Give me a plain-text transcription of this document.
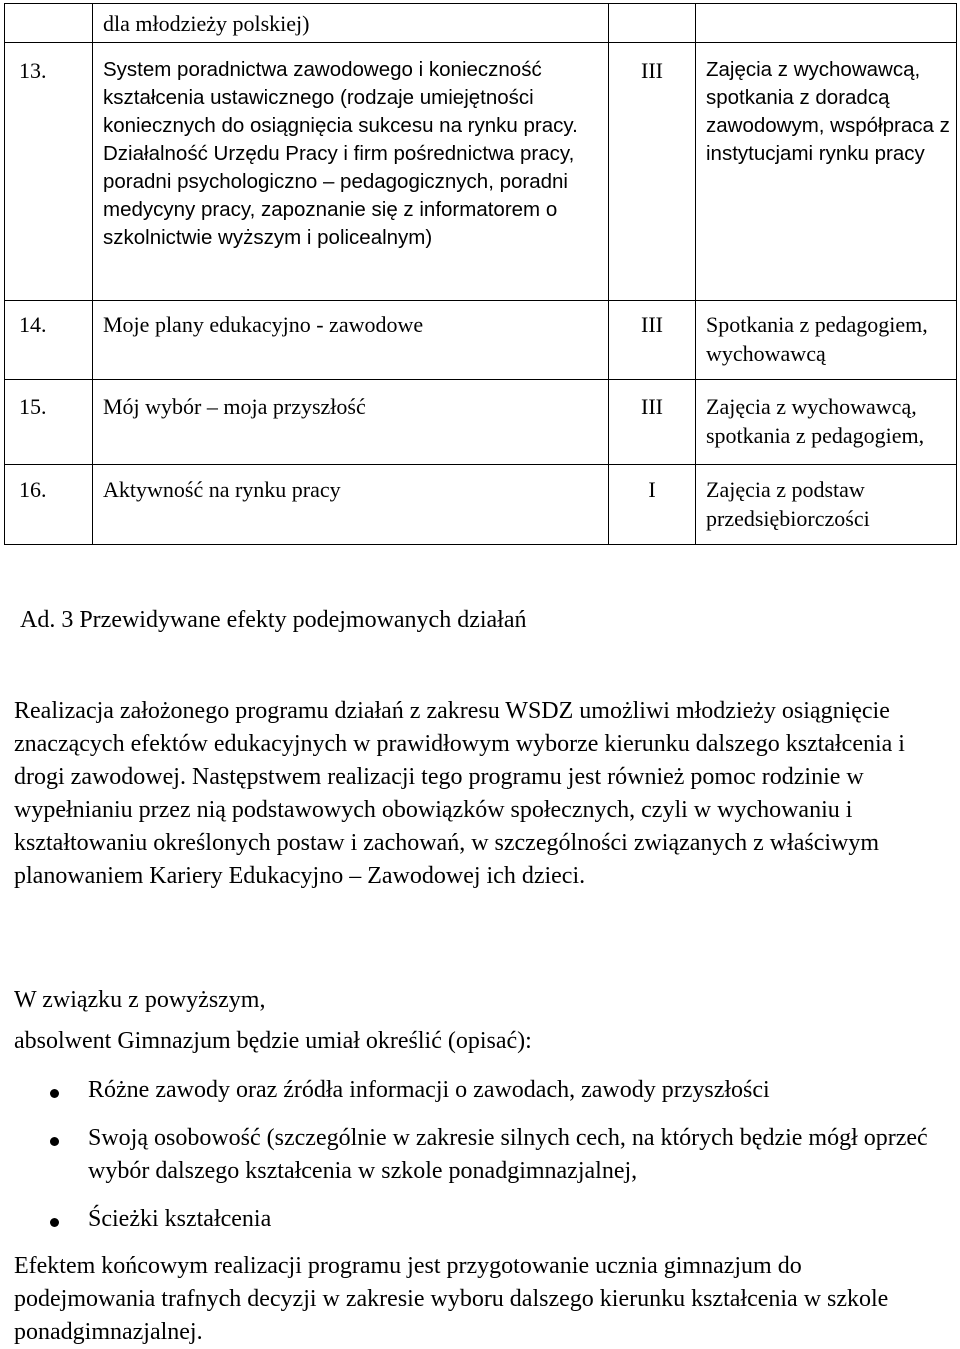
	dla młodzieży polskiej)		

13.	System poradnictwa zawodowego i konieczność kształcenia ustawicznego (rodzaje umiejętności koniecznych do osiągnięcia sukcesu na rynku pracy. Działalność Urzędu Pracy i firm pośrednictwa pracy, poradni psychologiczno – pedagogicznych, poradni medycyny pracy, zapoznanie się z informatorem o szkolnictwie wyższym i policealnym)	III	Zajęcia z wychowawcą, spotkania z doradcą zawodowym, współpraca z instytucjami rynku pracy

14.	Moje plany edukacyjno - zawodowe	III	Spotkania z pedagogiem, wychowawcą

15.	Mój wybór – moja przyszłość	III	Zajęcia z wychowawcą, spotkania z pedagogiem,

16.	Aktywność na rynku pracy	I	Zajęcia z podstaw przedsiębiorczości
Ad. 3 Przewidywane efekty podejmowanych działań

Realizacja założonego programu działań z zakresu WSDZ umożliwi młodzieży osiągnięcie znaczących efektów edukacyjnych w prawidłowym wyborze kierunku dalszego kształcenia i drogi zawodowej. Następstwem realizacji tego programu jest również pomoc rodzinie w wypełnianiu przez nią podstawowych obowiązków społecznych, czyli w wychowaniu i kształtowaniu określonych postaw i zachowań, w szczególności związanych z właściwym planowaniem Kariery Edukacyjno – Zawodowej ich dzieci.

W związku z powyższym,

absolwent Gimnazjum będzie umiał określić (opisać):

Różne zawody oraz źródła informacji o zawodach, zawody przyszłości
Swoją osobowość (szczególnie w zakresie silnych cech, na których będzie mógł oprzeć wybór dalszego kształcenia w szkole ponadgimnazjalnej,
Ścieżki kształcenia

Efektem końcowym realizacji programu jest przygotowanie ucznia gimnazjum do podejmowania trafnych decyzji w zakresie wyboru dalszego kierunku kształcenia w szkole ponadgimnazjalnej.
